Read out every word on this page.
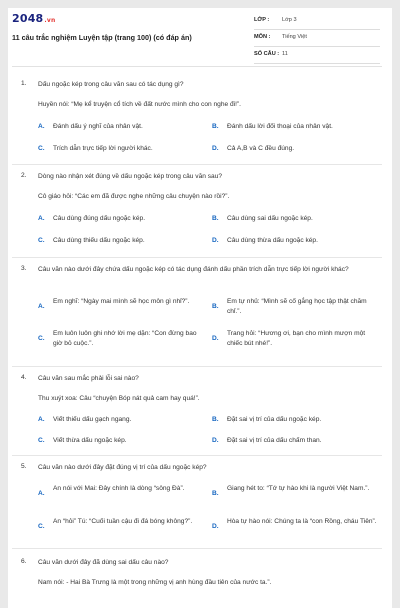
2048.vn
11 câu trắc nghiệm Luyện tập (trang 100) (có đáp án)
LỚP : Lớp 3
MÔN : Tiếng Việt
SỐ CÂU : 11
1. Dấu ngoặc kép trong câu văn sau có tác dụng gì?
Huyền nói: “Mẹ kể truyện cổ tích về đất nước mình cho con nghe đi!”.
A. Đánh dấu ý nghĩ của nhân vật.	B. Đánh dấu lời đối thoại của nhân vật.
C. Trích dẫn trực tiếp lời người khác.	D. Cả A,B và C đều đúng.
2. Dòng nào nhận xét đúng về dấu ngoặc kép trong câu văn sau?
Cô giáo hỏi: “Các em đã được nghe những câu chuyện nào rồi?”.
A. Câu dùng đúng dấu ngoặc kép.	B. Câu dùng sai dấu ngoặc kép.
C. Câu dùng thiếu dấu ngoặc kép.	D. Câu dùng thừa dấu ngoặc kép.
3. Câu văn nào dưới đây chứa dấu ngoặc kép có tác dụng đánh dấu phần trích dẫn trực tiếp lời người khác?
A.
Em nghĩ: “Ngày mai mình sẽ học môn gì nhỉ?”.
B.
Em tự nhủ: “Mình sẽ cố gắng học tập thật chăm chỉ.”.
C.
Em luôn luôn ghi nhớ lời mẹ dặn: “Con đừng bao giờ bỏ cuộc.”.
D.
Trang hỏi: “Hương ơi, bạn cho mình mượn một chiếc bút nhé!”.
4. Câu văn sau mắc phải lỗi sai nào?
Thu xuýt xoa: Câu “chuyện Bóp nát quả cam hay quá!”.
A. Viết thiếu dấu gạch ngang.	B. Đặt sai vị trí của dấu ngoặc kép.
C. Viết thừa dấu ngoặc kép.	D. Đặt sai vị trí của dấu chấm than.
5. Câu văn nào dưới đây đặt đúng vị trí của dấu ngoặc kép?
A.
An nói với Mai: Đây chính là dòng “sông Đà”.
B.
Giang hét to: “Tớ tự hào khi là người Việt Nam.”.
C.
An “hỏi” Tú: “Cuối tuần cậu đi đá bóng không?”.
D.
Hòa tự hào nói: Chúng ta là “con Rồng, cháu Tiên”.
6. Câu văn dưới đây đã dùng sai dấu câu nào?
Nam nói: - Hai Bà Trưng là một trong những vị anh hùng đầu tiên của nước ta.”.
